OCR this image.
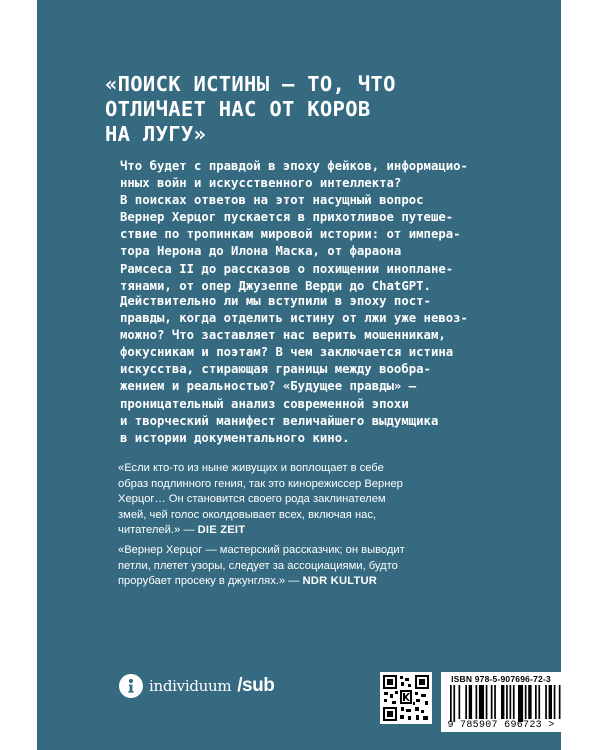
«ПОИСК ИСТИНЫ — ТО, ЧТО
ОТЛИЧАЕТ НАС ОТ КОРОВ
НА ЛУГУ»
Что будет с правдой в эпоху фейков, информацио-
нных войн и искусственного интеллекта?
В поисках ответов на этот насущный вопрос
Вернер Херцог пускается в прихотливое путеше-
ствие по тропинкам мировой истории: от импера-
тора Нерона до Илона Маска, от фараона
Рамсеса II до рассказов о похищении инопланe-
тянами, от опер Джузеппе Верди до ChatGPT.
Действительно ли мы вступили в эпоху пост-
правды, когда отделить истину от лжи уже невоз-
можно? Что заставляет нас верить мошенникам,
фокусникам и поэтам? В чем заключается истина
искусства, стирающая границы между вообра-
жением и реальностью? «Будущее правды» —
проницательный анализ современной эпохи
и творческий манифест величайшего выдумщика
в истории документального кино.
«Если кто-то из ныне живущих и воплощает в себе
образ подлинного гения, так это кинорежиссер Вернер
Херцог… Он становится своего рода заклинателем
змей, чей голос околдовывает всех, включая нас,
читателей.» — DIE ZEIT
«Вернер Херцог — мастерский рассказчик; он выводит
петли, плетет узоры, следует за ассоциациями, будто
прорубает просеку в джунглях.» — NDR KULTUR
individuum /sub	ISBN 978-5-907696-72-3
9 785907 696723 >
